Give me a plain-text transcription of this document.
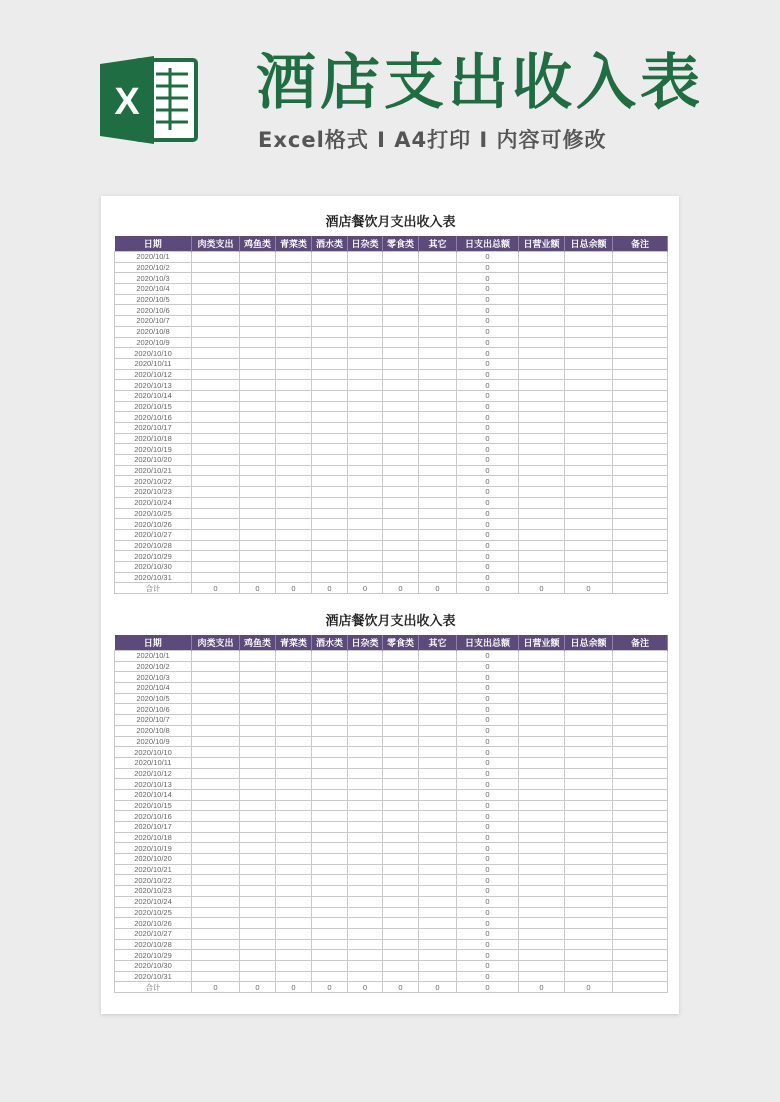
X 酒店支出收入表
Excel格式 I A4打印 I 内容可修改
酒店餐饮月支出收入表
日期	肉类支出	鸡鱼类	青菜类	酒水类	日杂类	零食类	其它	日支出总额	日营业额	日总余额	备注
2020/10/1								0			
2020/10/2								0			
2020/10/3								0			
2020/10/4								0			
2020/10/5								0			
2020/10/6								0			
2020/10/7								0			
2020/10/8								0			
2020/10/9								0			
2020/10/10								0			
2020/10/11								0			
2020/10/12								0			
2020/10/13								0			
2020/10/14								0			
2020/10/15								0			
2020/10/16								0			
2020/10/17								0			
2020/10/18								0			
2020/10/19								0			
2020/10/20								0			
2020/10/21								0			
2020/10/22								0			
2020/10/23								0			
2020/10/24								0			
2020/10/25								0			
2020/10/26								0			
2020/10/27								0			
2020/10/28								0			
2020/10/29								0			
2020/10/30								0			
2020/10/31								0			
合计	0	0	0	0	0	0	0	0	0	0	
酒店餐饮月支出收入表
日期	肉类支出	鸡鱼类	青菜类	酒水类	日杂类	零食类	其它	日支出总额	日营业额	日总余额	备注
2020/10/1								0			
2020/10/2								0			
2020/10/3								0			
2020/10/4								0			
2020/10/5								0			
2020/10/6								0			
2020/10/7								0			
2020/10/8								0			
2020/10/9								0			
2020/10/10								0			
2020/10/11								0			
2020/10/12								0			
2020/10/13								0			
2020/10/14								0			
2020/10/15								0			
2020/10/16								0			
2020/10/17								0			
2020/10/18								0			
2020/10/19								0			
2020/10/20								0			
2020/10/21								0			
2020/10/22								0			
2020/10/23								0			
2020/10/24								0			
2020/10/25								0			
2020/10/26								0			
2020/10/27								0			
2020/10/28								0			
2020/10/29								0			
2020/10/30								0			
2020/10/31								0			
合计	0	0	0	0	0	0	0	0	0	0	
